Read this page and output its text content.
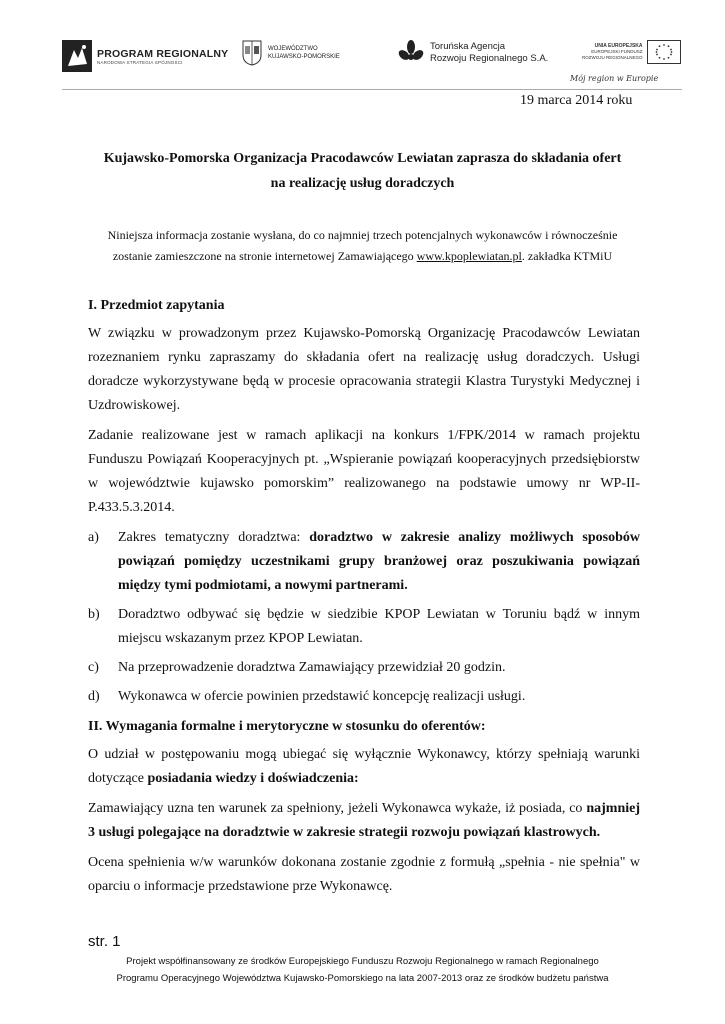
PROGRAM REGIONALNY
NARODOWA STRATEGIA SPÓJNOŚCI
WOJEWÓDZTWO
KUJAWSKO-POMORSKIE
Toruńska Agencja
Rozwoju Regionalnego S.A.
UNIA EUROPEJSKA
EUROPEJSKI FUNDUSZ
ROZWOJU REGIONALNEGO
Mój region w Europie
19 marca 2014 roku
Kujawsko-Pomorska Organizacja Pracodawców Lewiatan zaprasza do składania ofert
na realizację usług doradczych
Niniejsza informacja zostanie wysłana, do co najmniej trzech potencjalnych wykonawców i równocześnie
zostanie zamieszczone na stronie internetowej Zamawiającego www.kpoplewiatan.pl. zakładka KTMiU
I. Przedmiot zapytania

W związku w prowadzonym przez Kujawsko-Pomorską Organizację Pracodawców Lewiatan rozeznaniem rynku zapraszamy do składania ofert na realizację usług doradczych. Usługi doradcze wykorzystywane będą w procesie opracowania strategii Klastra Turystyki Medycznej i Uzdrowiskowej.

Zadanie realizowane jest w ramach aplikacji na konkurs 1/FPK/2014 w ramach projektu Funduszu Powiązań Kooperacyjnych pt. „Wspieranie powiązań kooperacyjnych przedsiębiorstw w województwie kujawsko pomorskim” realizowanego na podstawie umowy nr WP-II-P.433.5.3.2014.

a) Zakres tematyczny doradztwa: doradztwo w zakresie analizy możliwych sposobów powiązań pomiędzy uczestnikami grupy branżowej oraz poszukiwania powiązań między tymi podmiotami, a nowymi partnerami.
b) Doradztwo odbywać się będzie w siedzibie KPOP Lewiatan w Toruniu bądź w innym miejscu wskazanym przez KPOP Lewiatan.
c) Na przeprowadzenie doradztwa Zamawiający przewidział 20 godzin.
d) Wykonawca w ofercie powinien przedstawić koncepcję realizacji usługi.
II. Wymagania formalne i merytoryczne w stosunku do oferentów:

O udział w postępowaniu mogą ubiegać się wyłącznie Wykonawcy, którzy spełniają warunki dotyczące posiadania wiedzy i doświadczenia:

Zamawiający uzna ten warunek za spełniony, jeżeli Wykonawca wykaże, iż posiada, co najmniej 3 usługi polegające na doradztwie w zakresie strategii rozwoju powiązań klastrowych.

Ocena spełnienia w/w warunków dokonana zostanie zgodnie z formułą „spełnia - nie spełnia" w oparciu o informacje przedstawione prze Wykonawcę.

str. 1
Projekt współfinansowany ze środków Europejskiego Funduszu Rozwoju Regionalnego w ramach Regionalnego
Programu Operacyjnego Województwa Kujawsko-Pomorskiego na lata 2007-2013 oraz ze środków budżetu państwa
